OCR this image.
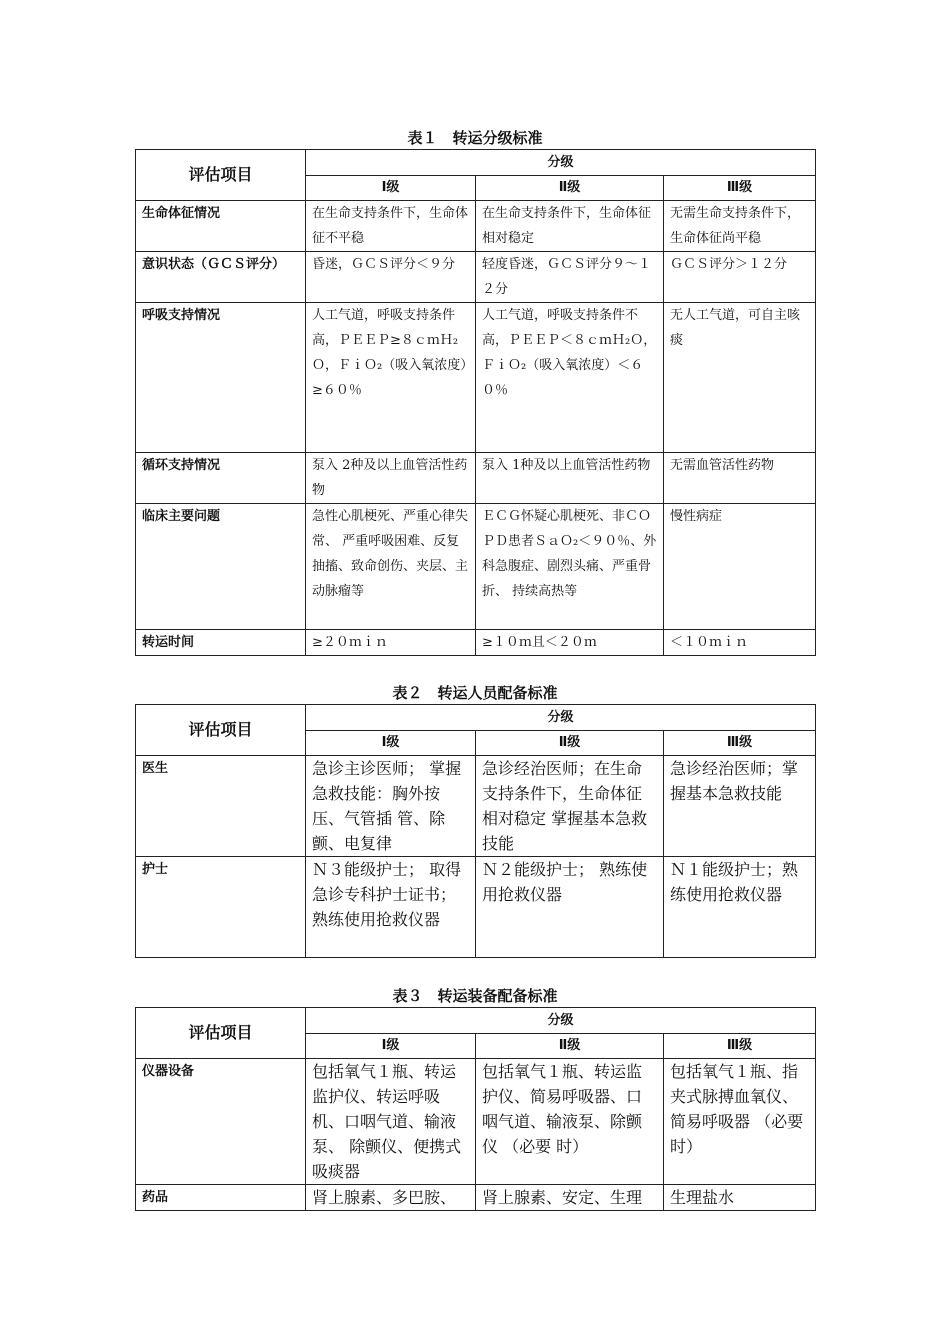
表１　转运分级标准
评估项目	分级		
	Ⅰ级	Ⅱ级	Ⅲ级
生命体征情况	在生命支持条件下，生命体征不平稳	在生命支持条件下，生命体征相对稳定	无需生命支持条件下，生命体征尚平稳
意识状态（ＧＣＳ评分）	昏迷，ＧＣＳ评分＜９分	轻度昏迷，ＧＣＳ评分９～１２分	ＧＣＳ评分＞１２分
呼吸支持情况	人工气道，呼吸支持条件高，ＰＥＥＰ≥８ｃｍＨ₂Ｏ，ＦｉＯ₂（吸入氧浓度）≥６０％	人工气道，呼吸支持条件不高，ＰＥＥＰ＜８ｃｍＨ₂Ｏ，ＦｉＯ₂（吸入氧浓度）＜６０％	无人工气道，可自主咳痰
循环支持情况	泵入 2种及以上血管活性药物	泵入 1种及以上血管活性药物	无需血管活性药物
临床主要问题	急性心肌梗死、严重心律失常、 严重呼吸困难、反复抽搐、致命创伤、夹层、主动脉瘤等	ＥＣＧ怀疑心肌梗死、非ＣＯＰＤ患者ＳａＯ₂＜９０％、外科急腹症、剧烈头痛、严重骨折、 持续高热等	慢性病症
转运时间	≥２０ｍｉｎ	≥１０ｍ且＜２０ｍ	＜１０ｍｉｎ
表２　转运人员配备标准
评估项目	分级		
	Ⅰ级	Ⅱ级	Ⅲ级
医生	急诊主诊医师； 掌握急救技能：胸外按压、气管插 管、除颤、电复律	急诊经治医师；在生命支持条件下，生命体征相对稳定 掌握基本急救技能	急诊经治医师；掌握基本急救技能
护士	Ｎ３能级护士； 取得急诊专科护士证书； 熟练使用抢救仪器	Ｎ２能级护士； 熟练使用抢救仪器	Ｎ１能级护士；熟练使用抢救仪器
表３　转运装备配备标准
评估项目	分级		
	Ⅰ级	Ⅱ级	Ⅲ级
仪器设备	包括氧气１瓶、转运监护仪、转运呼吸机、口咽气道、输液泵、 除颤仪、便携式吸痰器	包括氧气１瓶、转运监护仪、简易呼吸器、口咽气道、输液泵、除颤仪 （必要 时）	包括氧气１瓶、指夹式脉搏血氧仪、简易呼吸器 （必要 时）
药品	肾上腺素、多巴胺、	肾上腺素、安定、生理	生理盐水
